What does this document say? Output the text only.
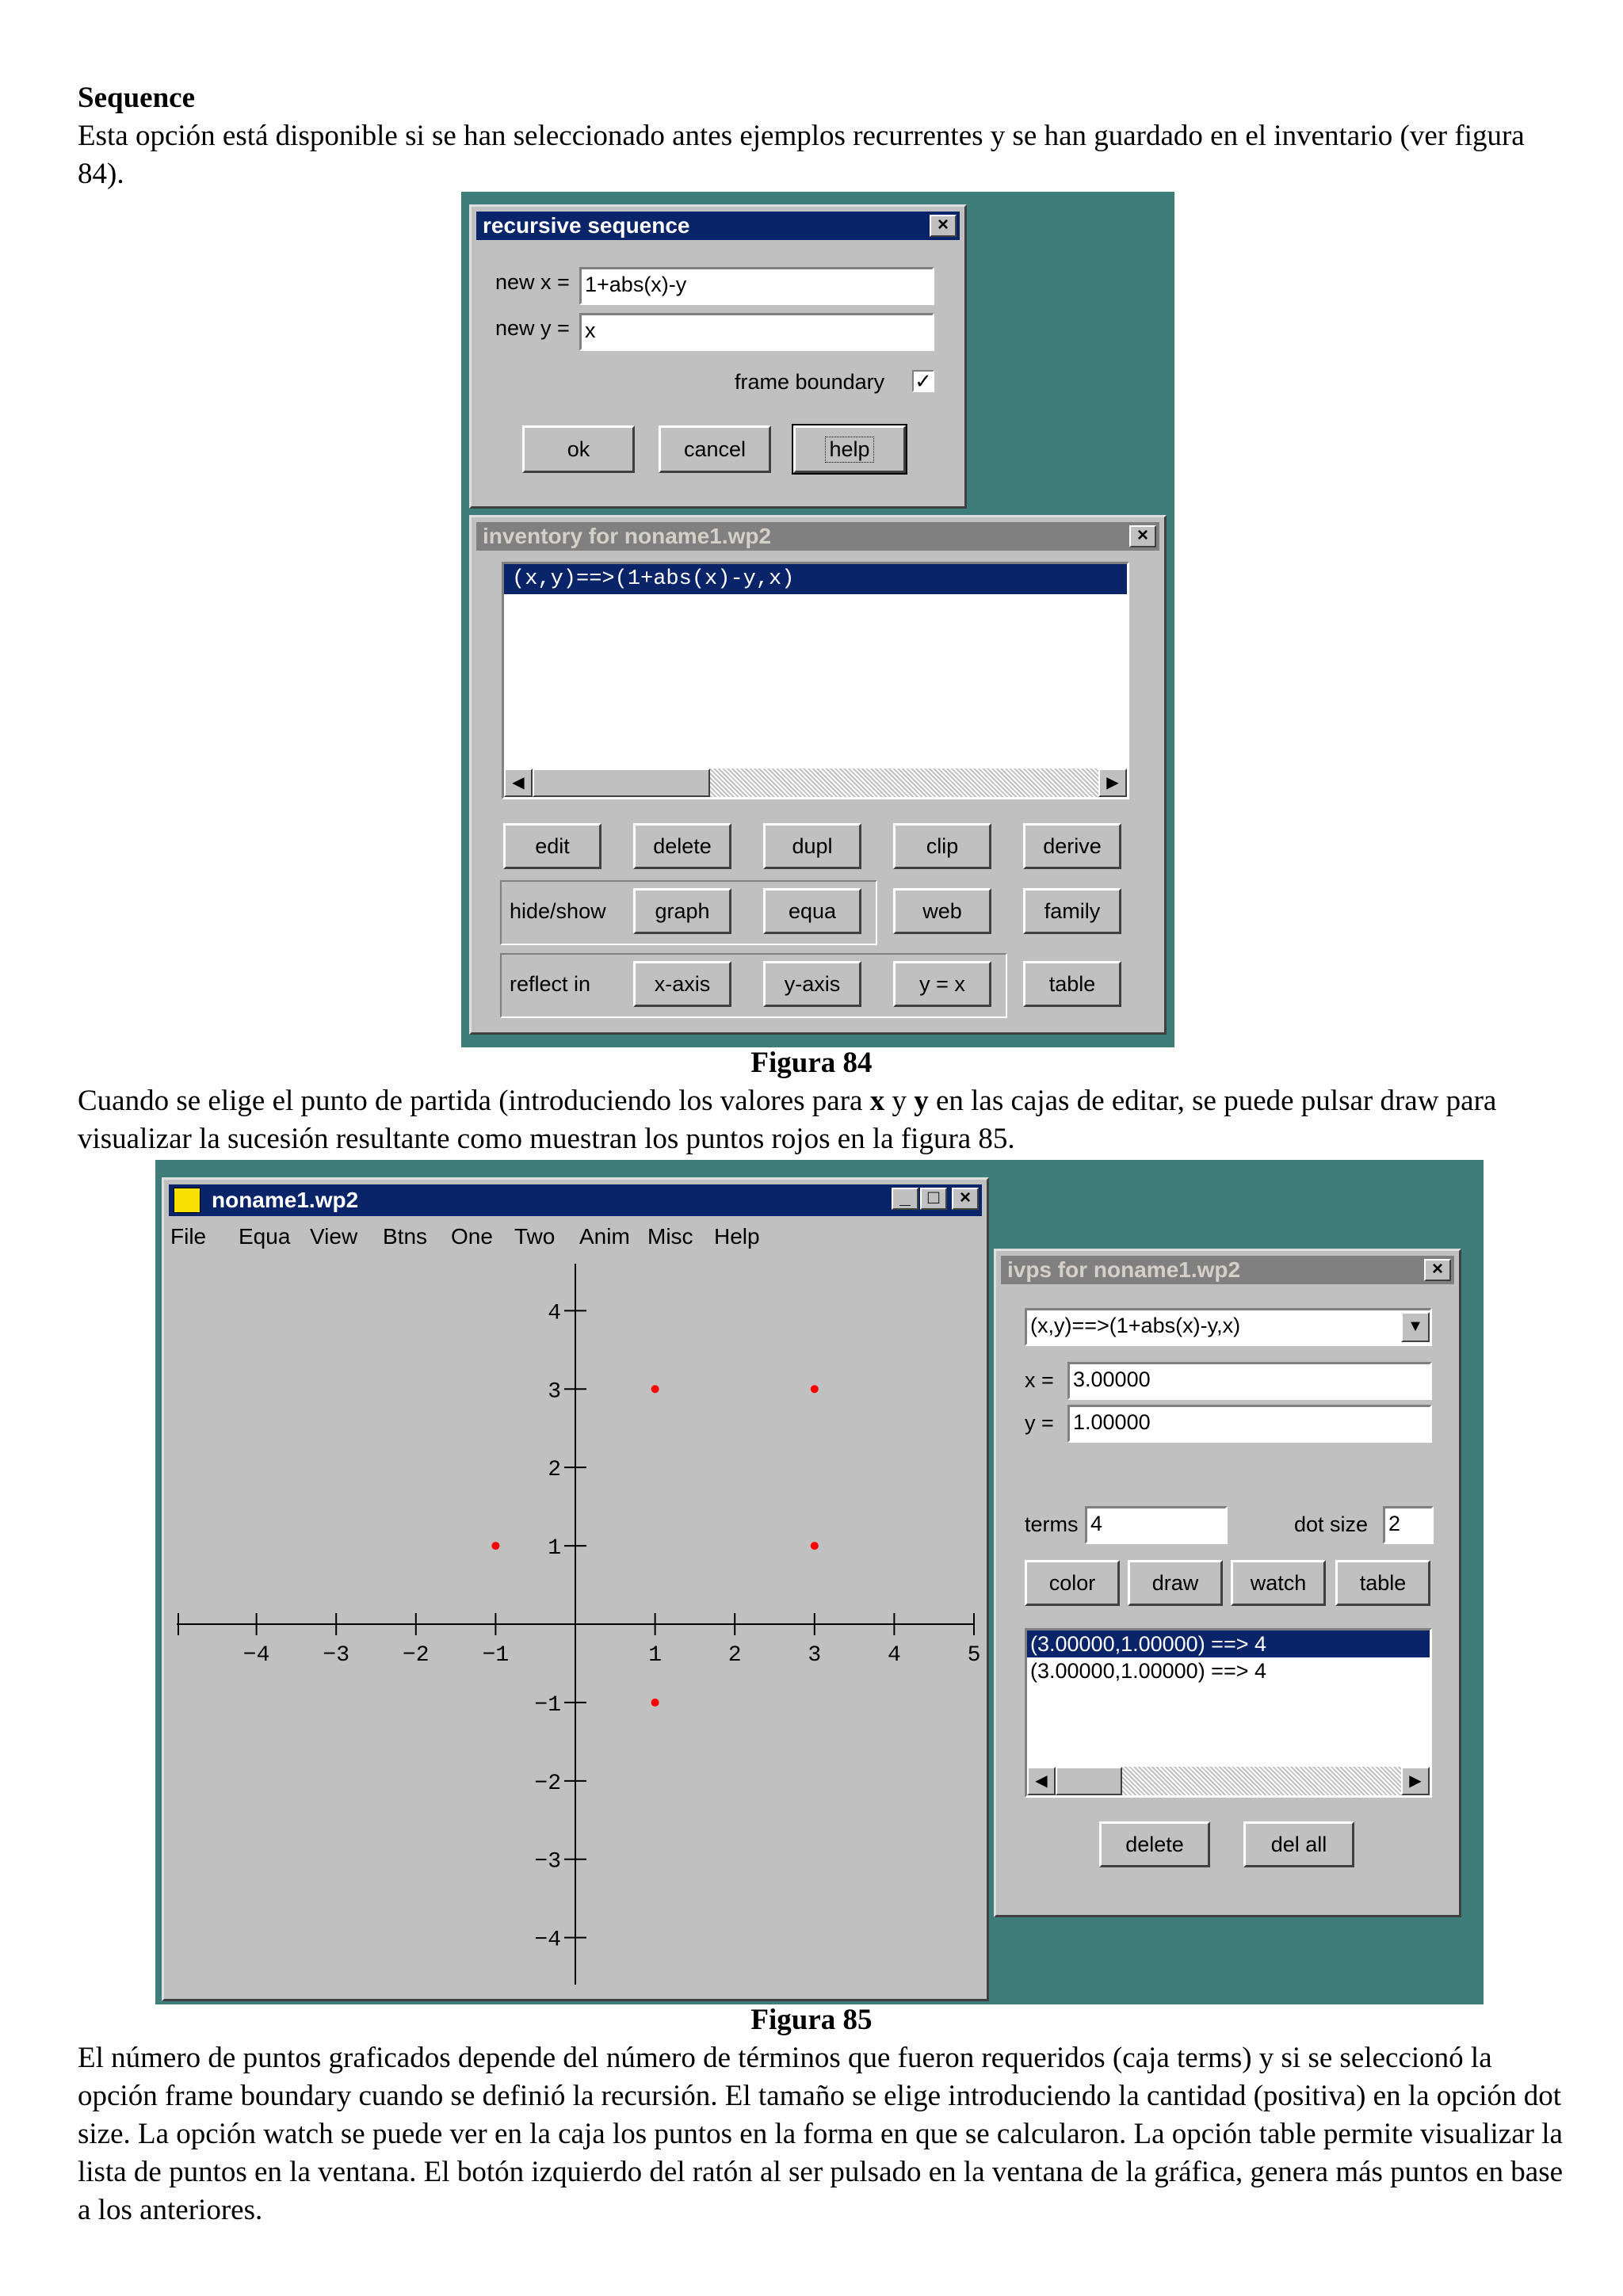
Sequence

Esta opción está disponible si se han seleccionado antes ejemplos recurrentes y se han guardado en el inventario (ver figura 84).

recursive sequence	×
new x = 1+abs(x)-y
new y = x
frame boundary ✓
ok	cancel	help
inventory for noname1.wp2	×
(x,y)==>(1+abs(x)-y,x)
◀	▶
edit	delete	dupl	clip	derive
hide/show	graph	equa	web	family
reflect in	x-axis	y-axis	y = x	table
Figura 84

Cuando se elige el punto de partida (introduciendo los valores para x y y en las cajas de editar, se puede pulsar draw para visualizar la sucesión resultante como muestran los puntos rojos en la figura 85.

noname1.wp2	_ □	×
File Equa View Btns One Two Anim Misc Help
−4 −3 −2 −1	1	2	3	4	5
4
3
2
1
−1
−2
−3
−4
ivps for noname1.wp2	×
(x,y)==>(1+abs(x)-y,x)	▼
x = 3.00000
y = 1.00000
terms 4	dot size 2
color	draw	watch	table
(3.00000,1.00000) ==> 4
(3.00000,1.00000) ==> 4
◀	▶
delete	del all
Figura 85

El número de puntos graficados depende del número de términos que fueron requeridos (caja terms) y si se seleccionó la opción frame boundary cuando se definió la recursión. El tamaño se elige introduciendo la cantidad (positiva) en la opción dot size. La opción watch se puede ver en la caja los puntos en la forma en que se calcularon. La opción table permite visualizar la lista de puntos en la ventana. El botón izquierdo del ratón al ser pulsado en la ventana de la gráfica, genera más puntos en base a los anteriores.
